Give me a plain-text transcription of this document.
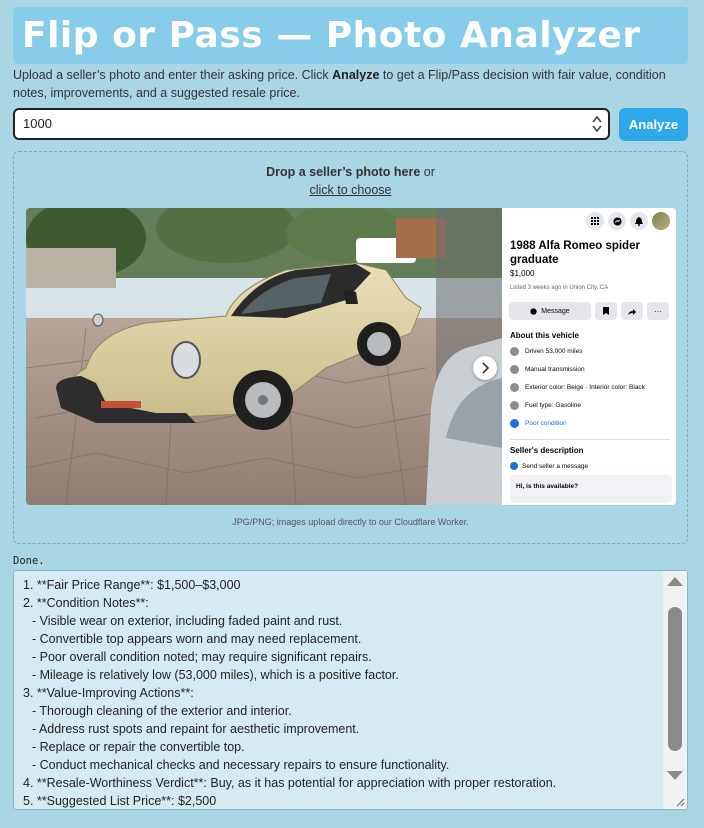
Flip or Pass — Photo Analyzer

Upload a seller’s photo and enter their asking price. Click Analyze to get a Flip/Pass decision with fair value, condition notes, improvements, and a suggested resale price.

1000	Analyze
Drop a seller’s photo here or
click to choose
1988 Alfa Romeo spider graduate
$1,000
Listed 3 weeks ago in Union City, CA
Message	···
About this vehicle
Driven 53,000 miles
Manual transmission
Exterior color: Beige · Interior color: Black
Fuel type: Gasoline
Poor condition
Seller's description
Send seller a message
Hi, is this available?
JPG/PNG; images upload directly to our Cloudflare Worker.
Done.
1. **Fair Price Range**: $1,500–$3,000
2. **Condition Notes**:
- Visible wear on exterior, including faded paint and rust.
- Convertible top appears worn and may need replacement.
- Poor overall condition noted; may require significant repairs.
- Mileage is relatively low (53,000 miles), which is a positive factor.
3. **Value-Improving Actions**:
- Thorough cleaning of the exterior and interior.
- Address rust spots and repaint for aesthetic improvement.
- Replace or repair the convertible top.
- Conduct mechanical checks and necessary repairs to ensure functionality.
4. **Resale-Worthiness Verdict**: Buy, as it has potential for appreciation with proper restoration.
5. **Suggested List Price**: $2,500
